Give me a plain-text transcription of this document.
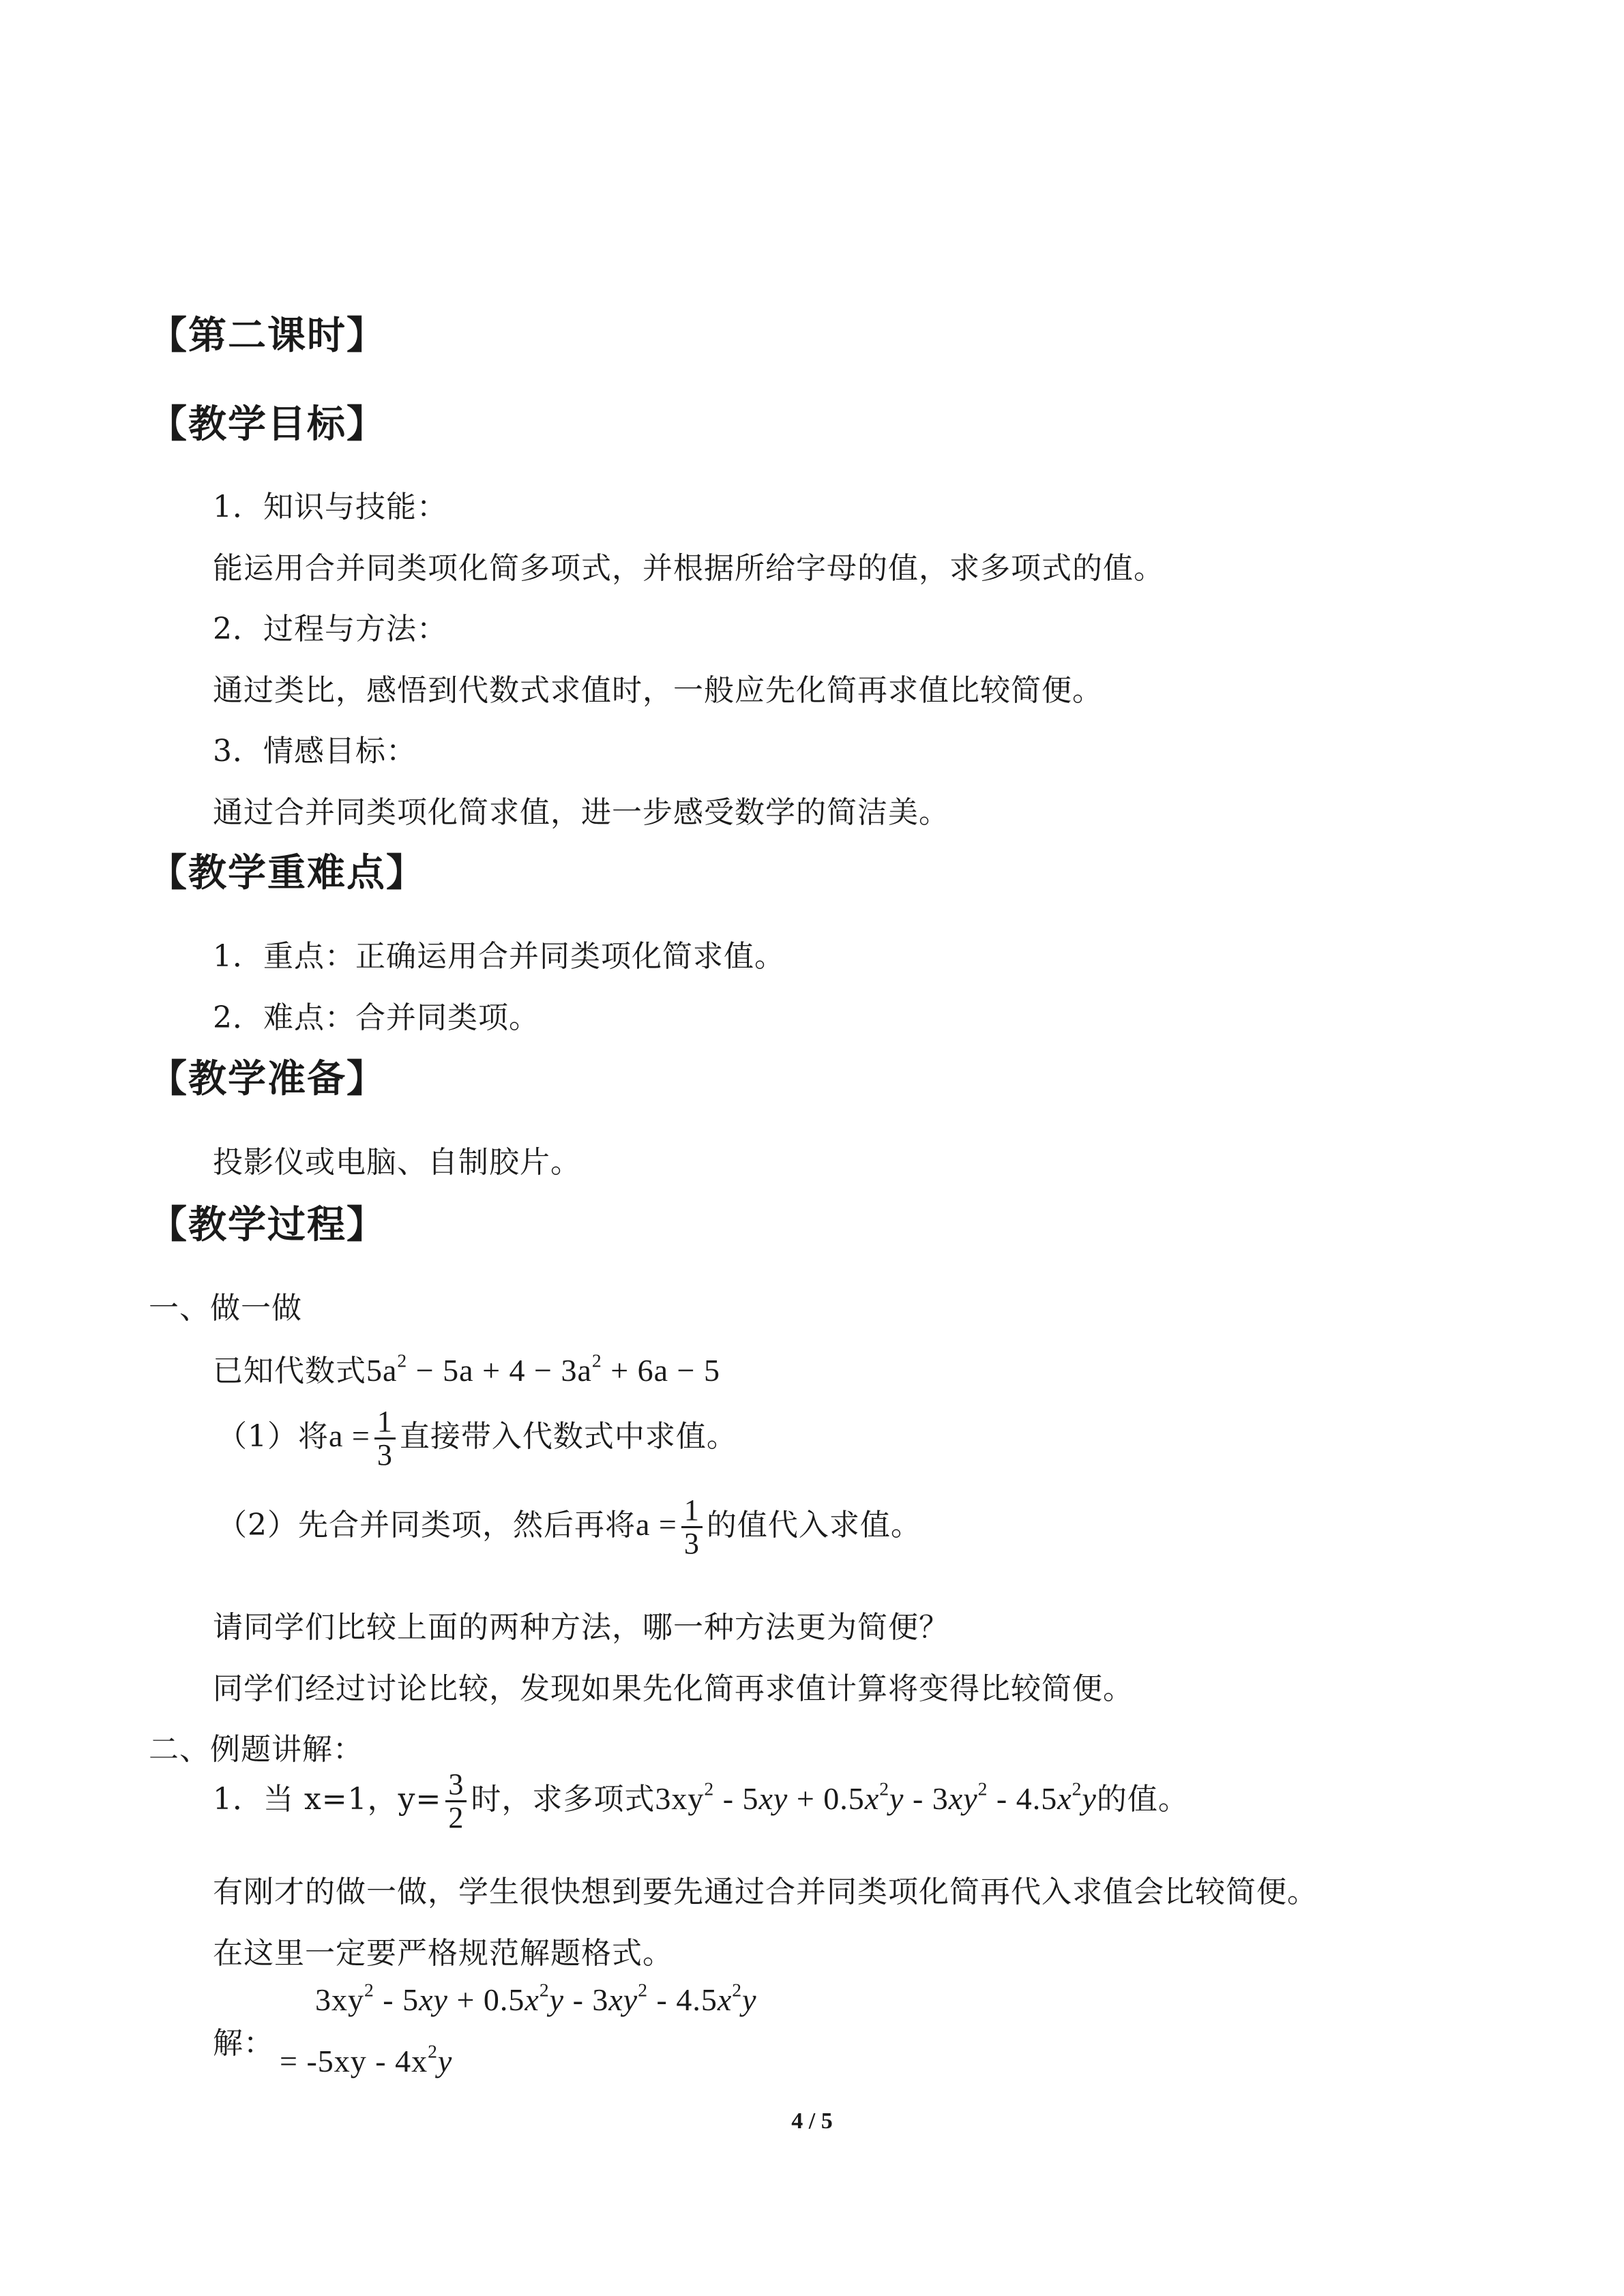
【第二课时】
【教学目标】
1．知识与技能：
能运用合并同类项化简多项式，并根据所给字母的值，求多项式的值。
2．过程与方法：
通过类比，感悟到代数式求值时，一般应先化简再求值比较简便。
3．情感目标：
通过合并同类项化简求值，进一步感受数学的简洁美。
【教学重难点】
1．重点：正确运用合并同类项化简求值。
2．难点：合并同类项。
【教学准备】
投影仪或电脑、自制胶片。
【教学过程】
一、做一做
已知代数式$5a^2 - 5a + 4 - 3a^2 + 6a - 5$
（1）将$a = \frac{1}{3}$ 直接带入代数式中求值。
（2）先合并同类项，然后再将$a = \frac{1}{3}$ 的值代入求值。
请同学们比较上面的两种方法，哪一种方法更为简便？
同学们经过讨论比较，发现如果先化简再求值计算将变得比较简便。
二、例题讲解：
1．当 x=1，$y= \frac{3}{2}$ 时，求多项式$3xy^2 - 5xy + 0.5x^2y - 3xy^2 - 4.5x^2y$的值。
有刚才的做一做，学生很快想到要先通过合并同类项化简再代入求值会比较简便。
在这里一定要严格规范解题格式。
解：
$3xy^2 - 5xy + 0.5x^2y - 3xy^2 - 4.5x^2y$
= $-5xy - 4x^2y$
4 / 5
